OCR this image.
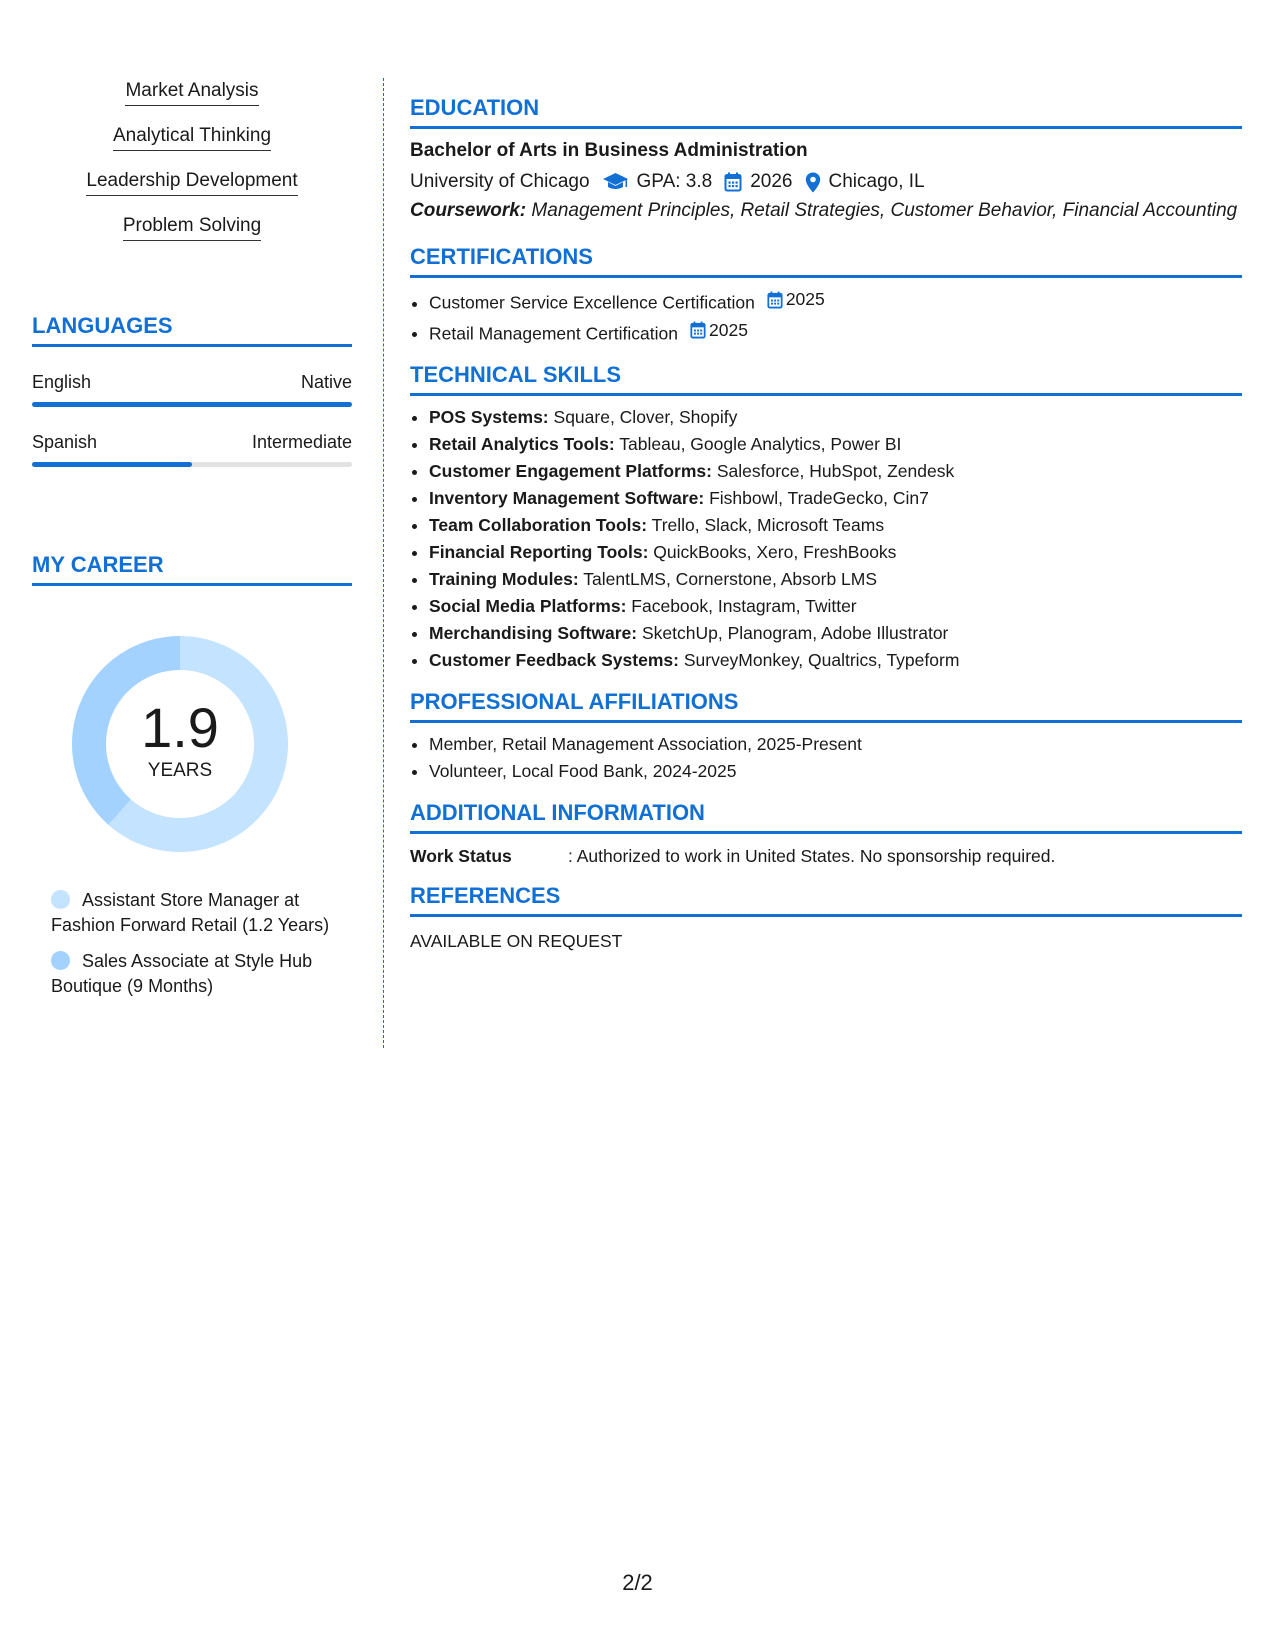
Market Analysis
Analytical Thinking
Leadership Development
Problem Solving
LANGUAGES
English	Native
Spanish	Intermediate
MY CAREER
1.9
YEARS
Assistant Store Manager at Fashion Forward Retail (1.2 Years)
Sales Associate at Style Hub Boutique (9 Months)
EDUCATION
Bachelor of Arts in Business Administration
University of Chicago GPA: 3.8 2026 Chicago, IL
Coursework: Management Principles, Retail Strategies, Customer Behavior, Financial Accounting
CERTIFICATIONS
• Customer Service Excellence Certification 2025
• Retail Management Certification 2025
TECHNICAL SKILLS
• POS Systems: Square, Clover, Shopify
• Retail Analytics Tools: Tableau, Google Analytics, Power BI
• Customer Engagement Platforms: Salesforce, HubSpot, Zendesk
• Inventory Management Software: Fishbowl, TradeGecko, Cin7
• Team Collaboration Tools: Trello, Slack, Microsoft Teams
• Financial Reporting Tools: QuickBooks, Xero, FreshBooks
• Training Modules: TalentLMS, Cornerstone, Absorb LMS
• Social Media Platforms: Facebook, Instagram, Twitter
• Merchandising Software: SketchUp, Planogram, Adobe Illustrator
• Customer Feedback Systems: SurveyMonkey, Qualtrics, Typeform
PROFESSIONAL AFFILIATIONS
• Member, Retail Management Association, 2025-Present
• Volunteer, Local Food Bank, 2024-2025
ADDITIONAL INFORMATION
Work Status	: Authorized to work in United States. No sponsorship required.
REFERENCES
AVAILABLE ON REQUEST
2/2
